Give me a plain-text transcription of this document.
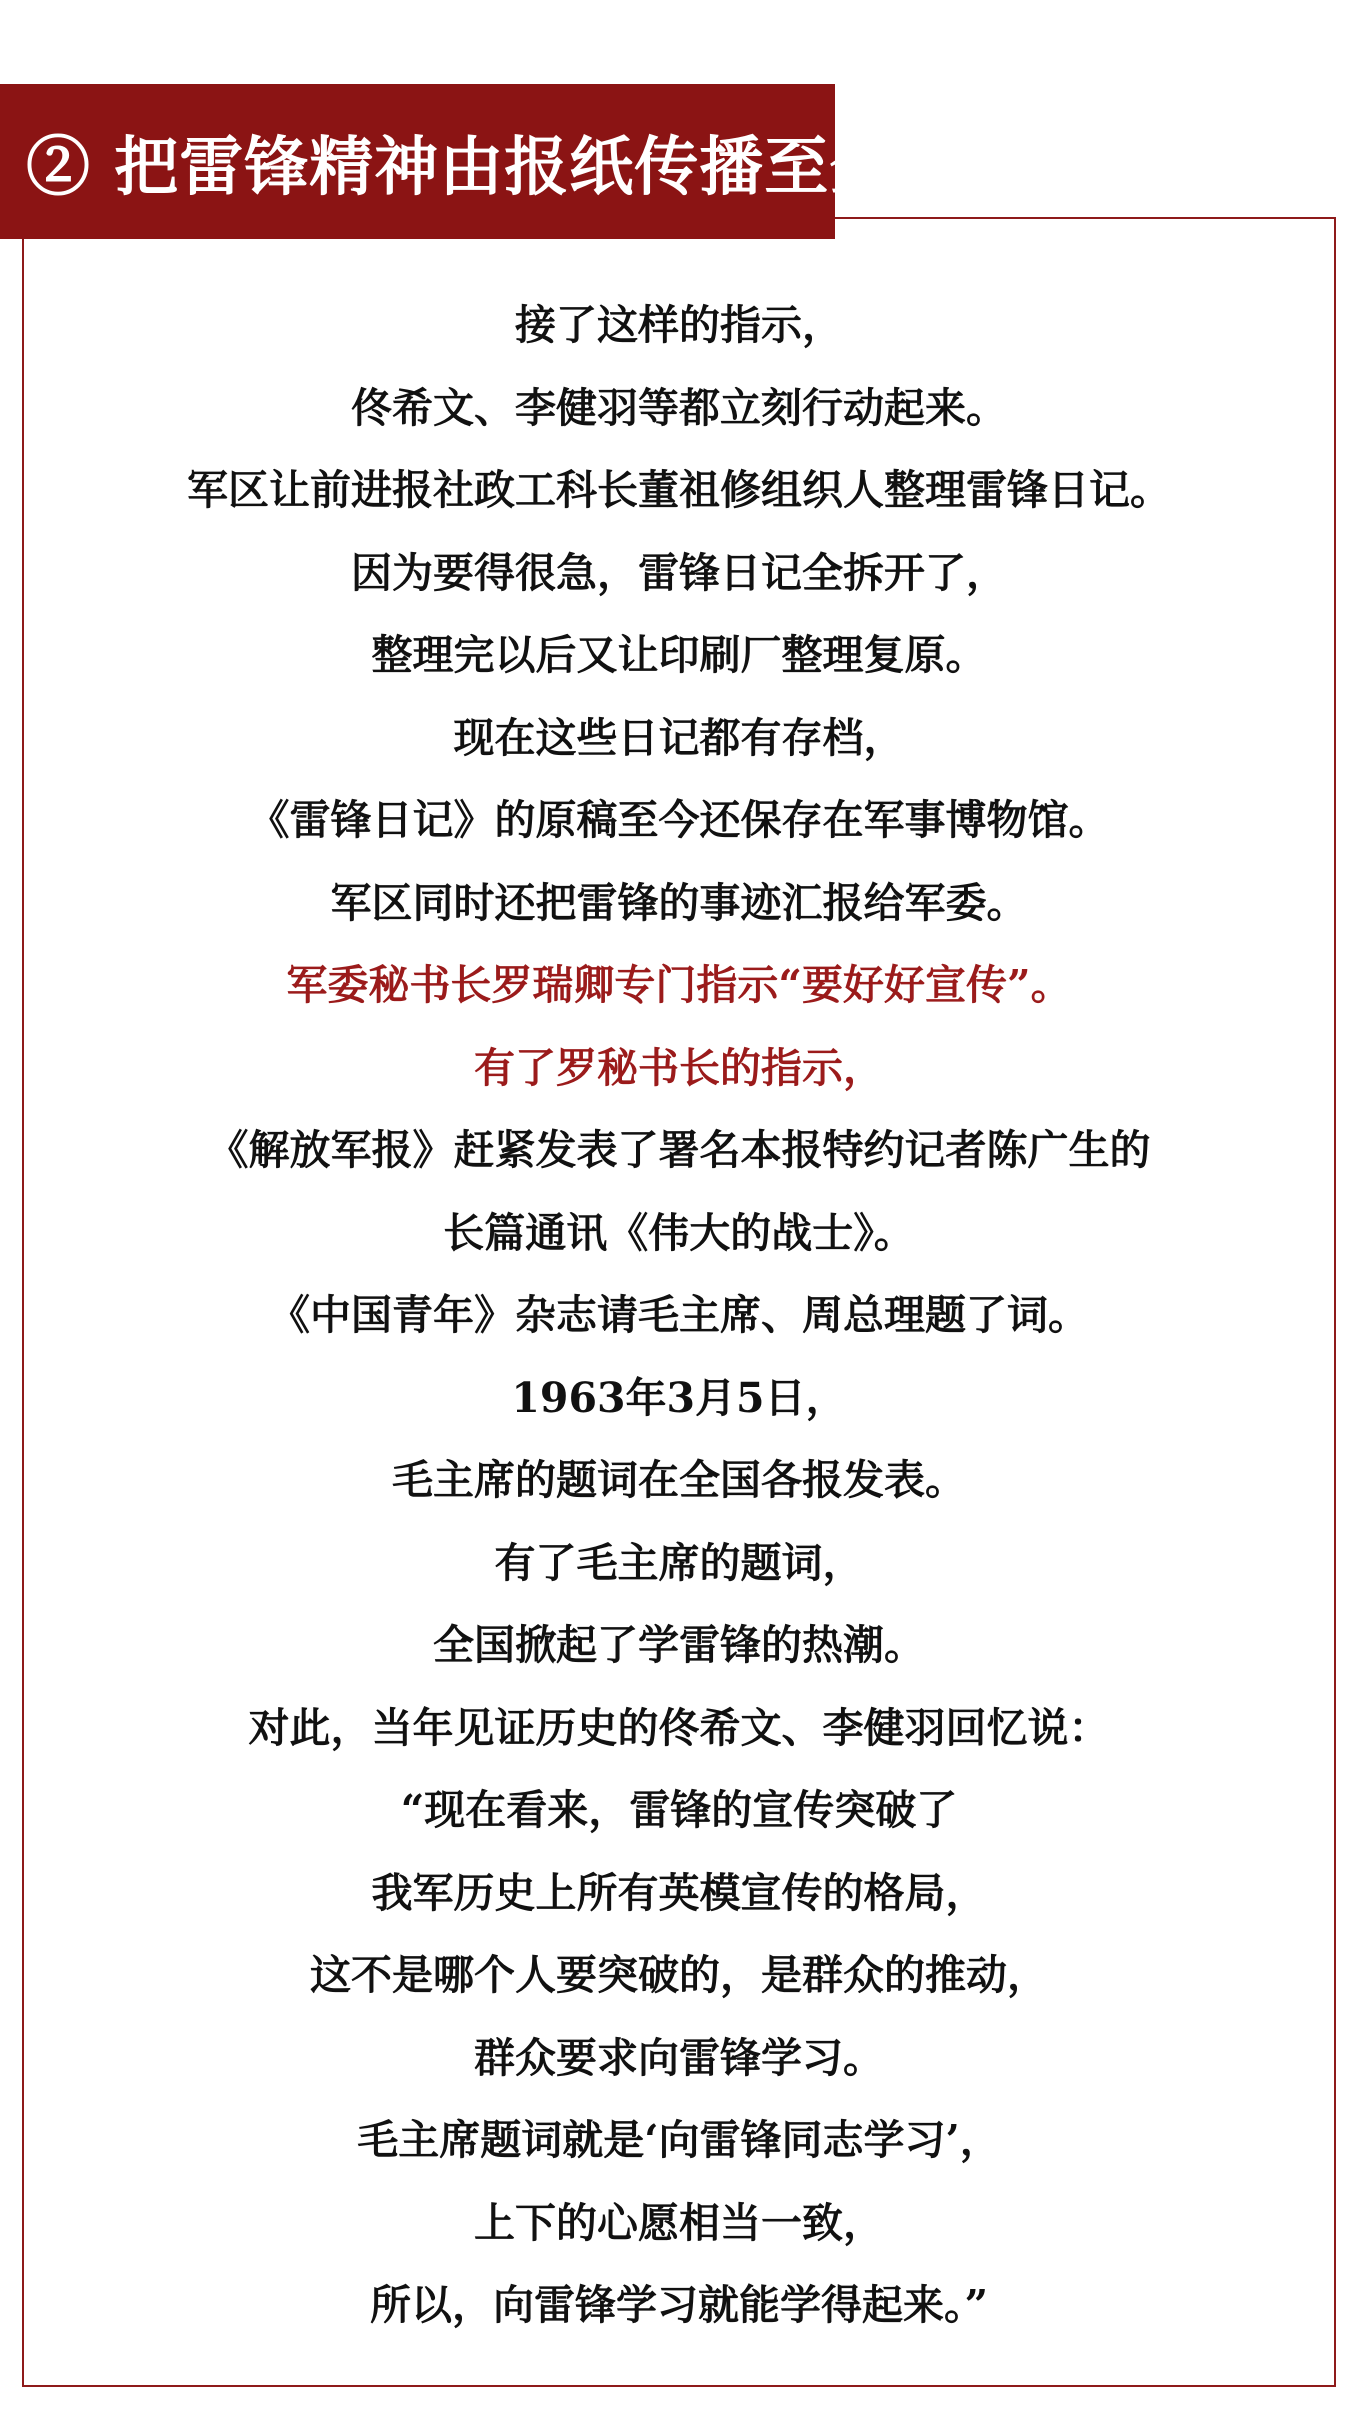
② 把雷锋精神由报纸传播至全国
接了这样的指示，
佟希文、李健羽等都立刻行动起来。
军区让前进报社政工科长董祖修组织人整理雷锋日记。
因为要得很急，雷锋日记全拆开了，
整理完以后又让印刷厂整理复原。
现在这些日记都有存档，
《雷锋日记》的原稿至今还保存在军事博物馆。
军区同时还把雷锋的事迹汇报给军委。
军委秘书长罗瑞卿专门指示“要好好宣传”。
有了罗秘书长的指示，
《解放军报》赶紧发表了署名本报特约记者陈广生的
长篇通讯《伟大的战士》。
《中国青年》杂志请毛主席、周总理题了词。
1963年3月5日，
毛主席的题词在全国各报发表。
有了毛主席的题词，
全国掀起了学雷锋的热潮。
对此，当年见证历史的佟希文、李健羽回忆说：
“现在看来，雷锋的宣传突破了
我军历史上所有英模宣传的格局，
这不是哪个人要突破的，是群众的推动，
群众要求向雷锋学习。
毛主席题词就是‘向雷锋同志学习’，
上下的心愿相当一致，
所以，向雷锋学习就能学得起来。”
